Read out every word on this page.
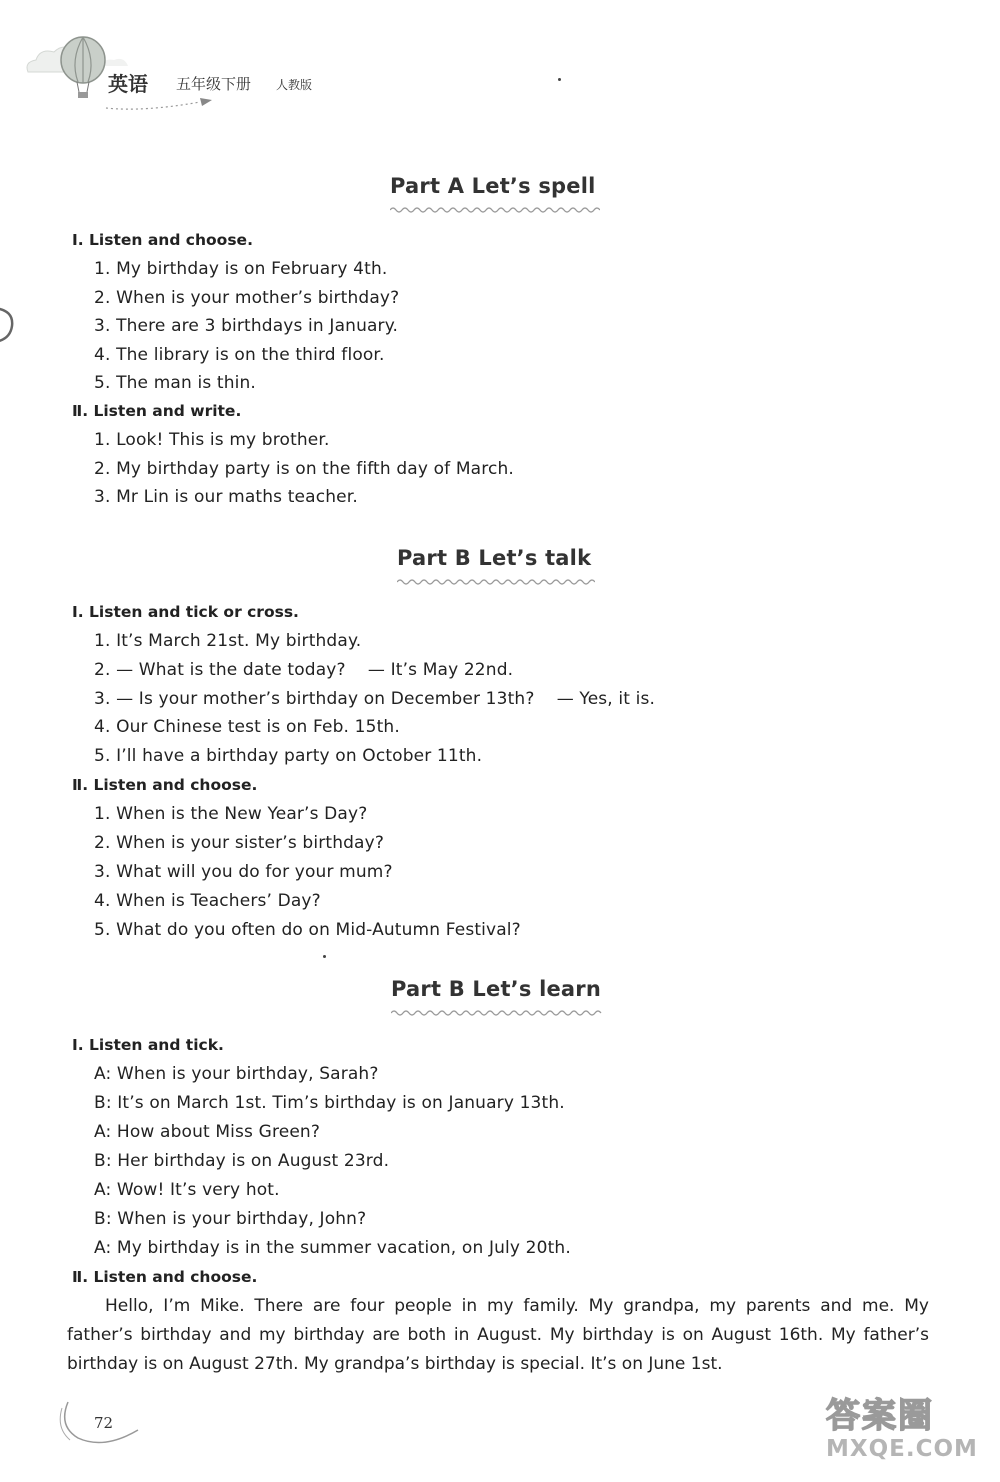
英语 五年级下册 人教版
Part A Let’s spell
Ⅰ. Listen and choose.
1. My birthday is on February 4th.
2. When is your mother’s birthday?
3. There are 3 birthdays in January.
4. The library is on the third floor.
5. The man is thin.
Ⅱ. Listen and write.
1. Look! This is my brother.
2. My birthday party is on the fifth day of March.
3. Mr Lin is our maths teacher.
Part B Let’s talk
Ⅰ. Listen and tick or cross.
1. It’s March 21st. My birthday.
2. — What is the date today?    — It’s May 22nd.
3. — Is your mother’s birthday on December 13th?    — Yes, it is.
4. Our Chinese test is on Feb. 15th.
5. I’ll have a birthday party on October 11th.
Ⅱ. Listen and choose.
1. When is the New Year’s Day?
2. When is your sister’s birthday?
3. What will you do for your mum?
4. When is Teachers’ Day?
5. What do you often do on Mid-Autumn Festival?
Part B Let’s learn
Ⅰ. Listen and tick.
A: When is your birthday, Sarah?
B: It’s on March 1st. Tim’s birthday is on January 13th.
A: How about Miss Green?
B: Her birthday is on August 23rd.
A: Wow! It’s very hot.
B: When is your birthday, John?
A: My birthday is in the summer vacation, on July 20th.
Ⅱ. Listen and choose.
Hello, I’m Mike. There are four people in my family. My grandpa, my parents and me. My father’s birthday and my birthday are both in August. My birthday is on August 16th. My father’s birthday is on August 27th. My grandpa’s birthday is special. It’s on June 1st.
72	答案圈
MXQE.COM
